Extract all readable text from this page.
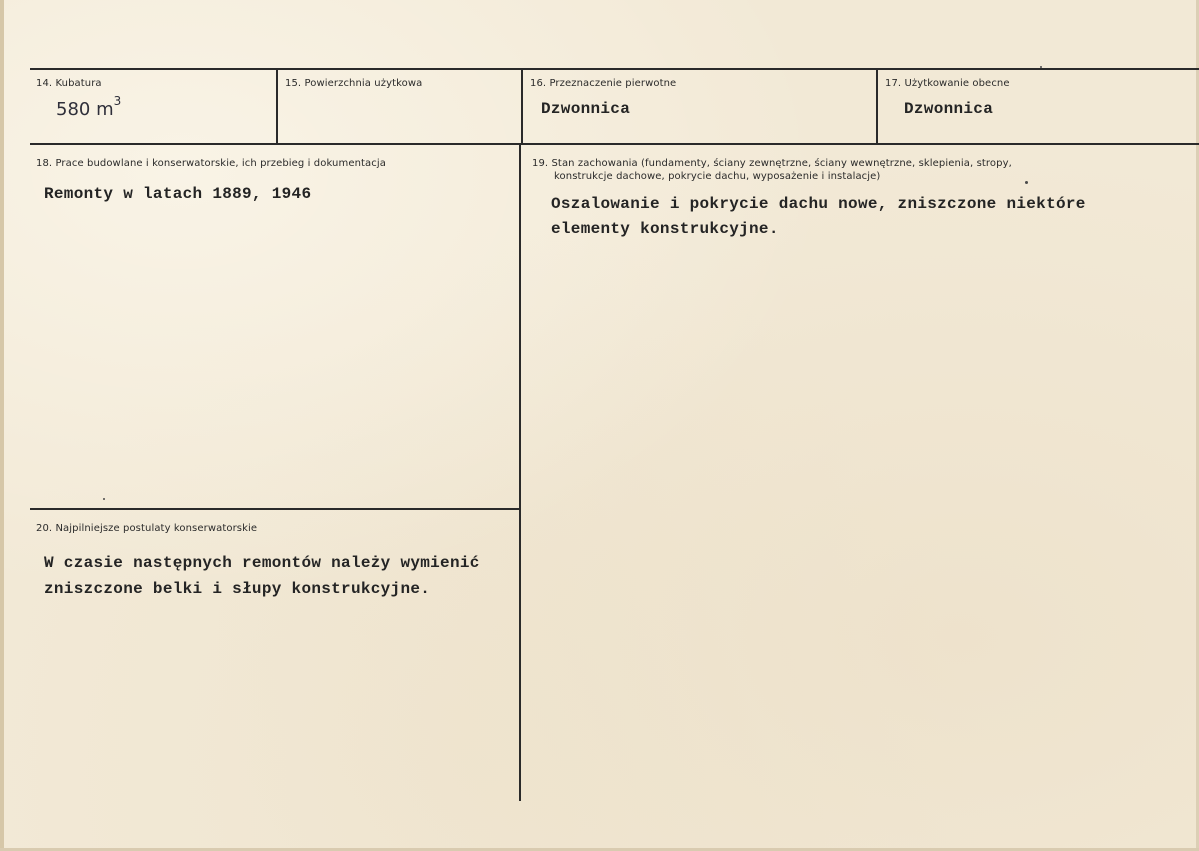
14. Kubatura
580 $m^3$
15. Powierzchnia użytkowa	16. Przeznaczenie pierwotne
Dzwonnica
17. Użytkowanie obecne
Dzwonnica
18. Prace budowlane i konserwatorskie, ich przebieg i dokumentacja
Remonty w latach 1889, 1946
19. Stan zachowania (fundamenty, ściany zewnętrzne, ściany wewnętrzne, sklepienia, stropy,
konstrukcje dachowe, pokrycie dachu, wyposażenie i instalacje)
Oszalowanie i pokrycie dachu nowe, zniszczone niektóre
elementy konstrukcyjne.
20. Najpilniejsze postulaty konserwatorskie
W czasie następnych remontów należy wymienić
zniszczone belki i słupy konstrukcyjne.
